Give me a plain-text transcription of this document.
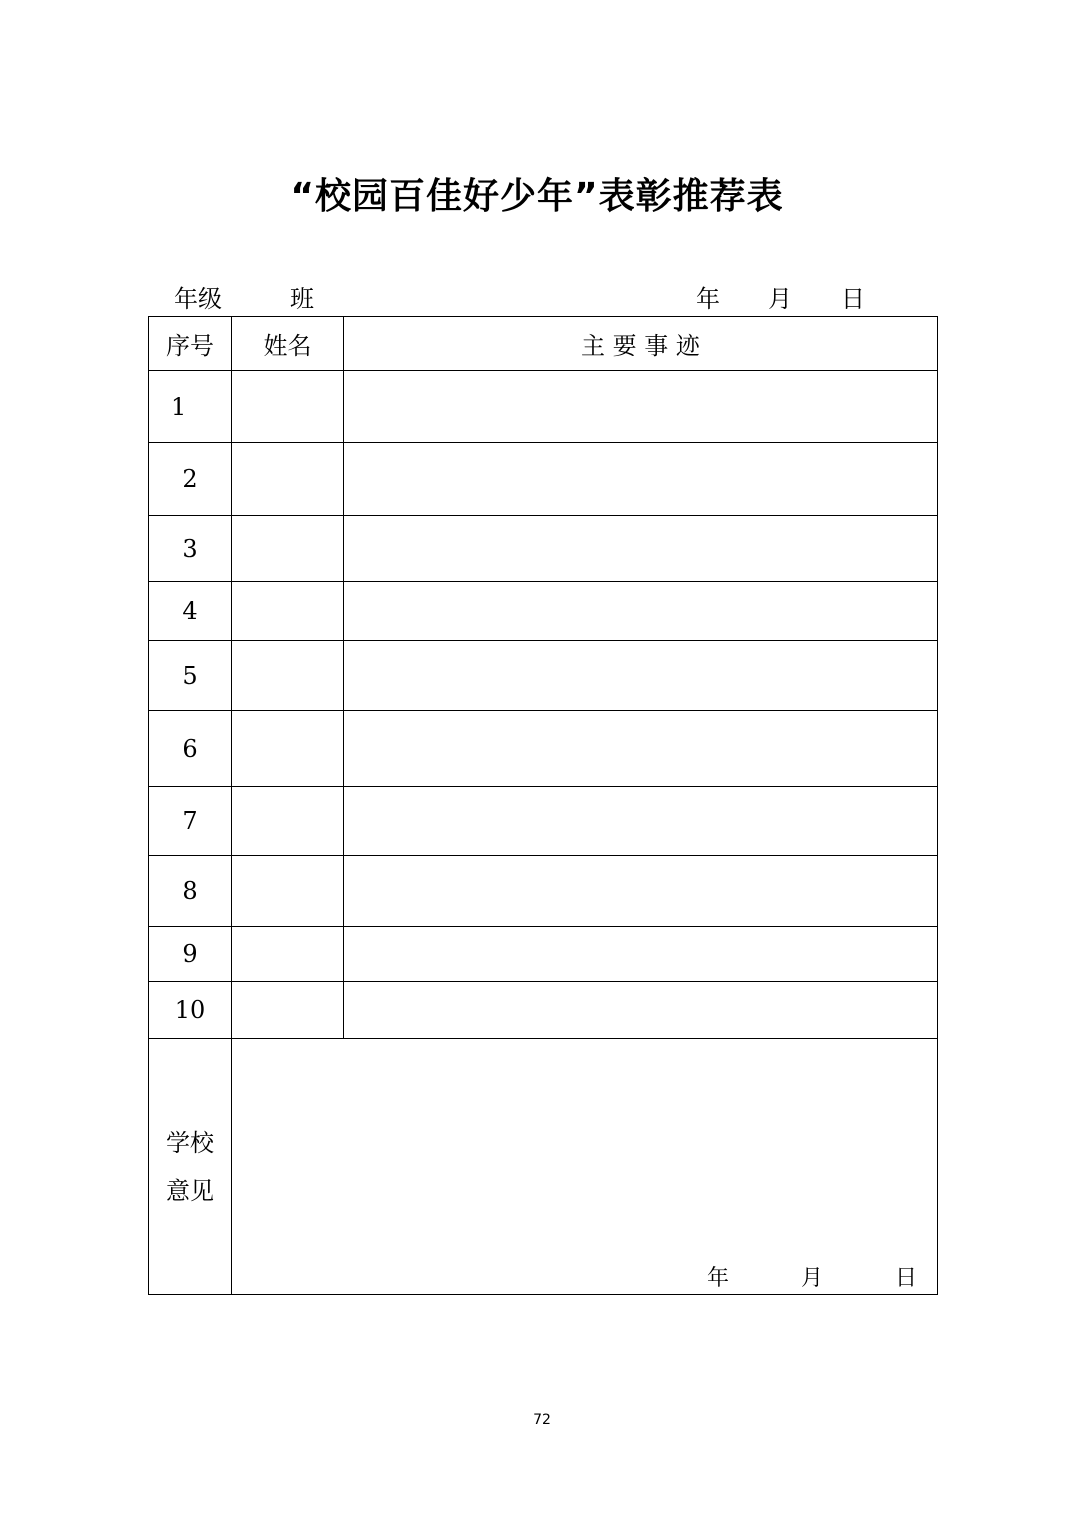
“校园百佳好少年”表彰推荐表
年级	班	年 月 日
序号	姓名	主 要 事 迹
1		
2		
3		
4		
5		
6		
7		
8		
9		
10		

学校
意见	年 月 日	
72
